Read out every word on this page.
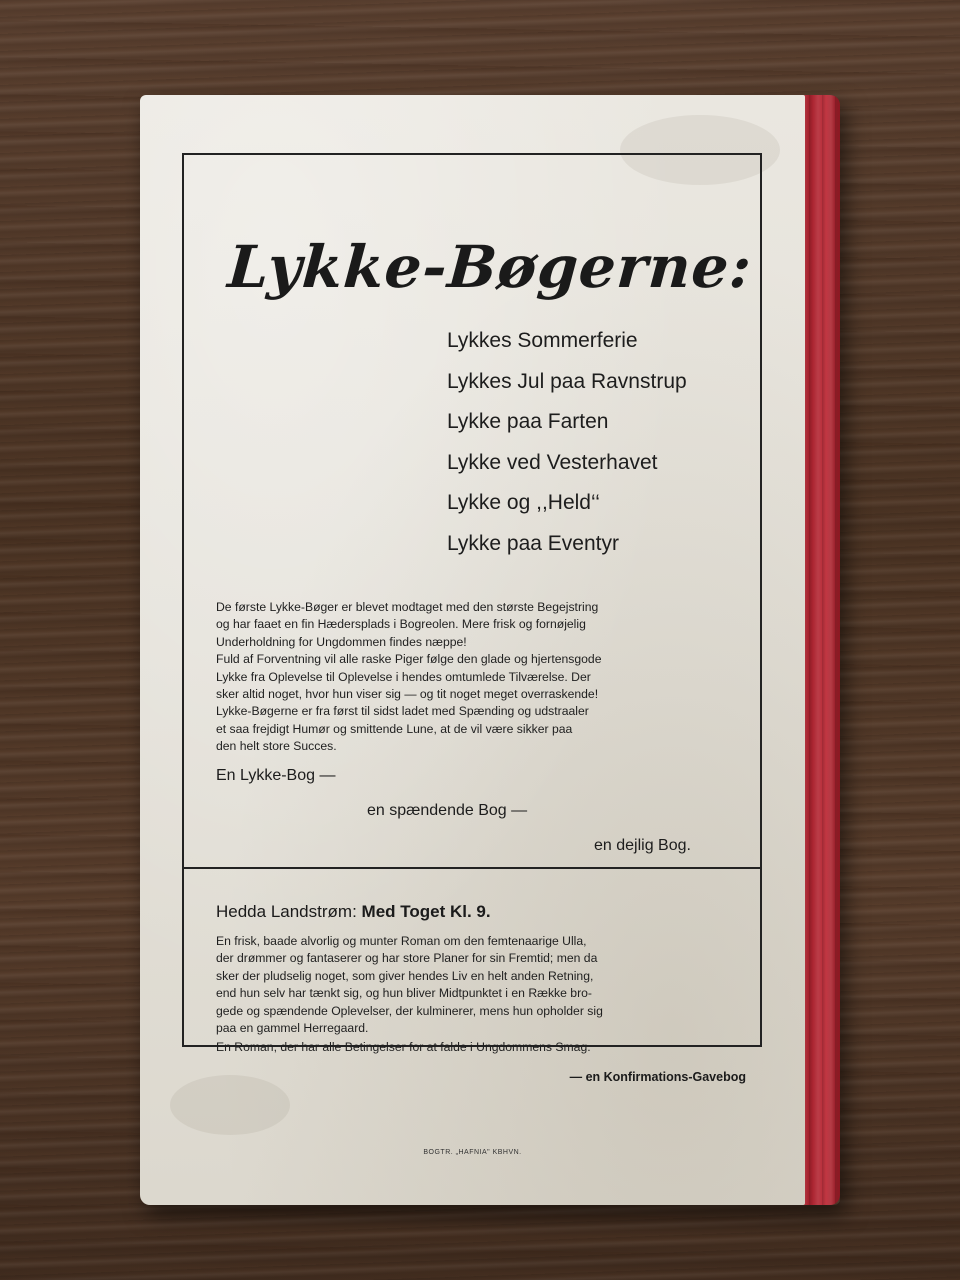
Lykke-Bøgerne:
Lykkes Sommerferie
Lykkes Jul paa Ravnstrup
Lykke paa Farten
Lykke ved Vesterhavet
Lykke og ,,Held‘‘
Lykke paa Eventyr

De første Lykke-Bøger er blevet modtaget med den største Begejstring

og har faaet en fin Hædersplads i Bogreolen. Mere frisk og fornøjelig

Underholdning for Ungdommen findes næppe!

Fuld af Forventning vil alle raske Piger følge den glade og hjertensgode

Lykke fra Oplevelse til Oplevelse i hendes omtumlede Tilværelse. Der

sker altid noget, hvor hun viser sig — og tit noget meget overraskende!

Lykke-Bøgerne er fra først til sidst ladet med Spænding og udstraaler

et saa frejdigt Humør og smittende Lune, at de vil være sikker paa

den helt store Succes.

En Lykke-Bog —
en spændende Bog —
en dejlig Bog.
Hedda Landstrøm: Med Toget Kl. 9.

En frisk, baade alvorlig og munter Roman om den femtenaarige Ulla,

der drømmer og fantaserer og har store Planer for sin Fremtid; men da

sker der pludselig noget, som giver hendes Liv en helt anden Retning,

end hun selv har tænkt sig, og hun bliver Midtpunktet i en Række bro-

gede og spændende Oplevelser, der kulminerer, mens hun opholder sig

paa en gammel Herregaard.

En Roman, der har alle Betingelser for at falde i Ungdommens Smag.

— en Konfirmations-Gavebog
BOGTR. „HAFNIA" KBHVN.
